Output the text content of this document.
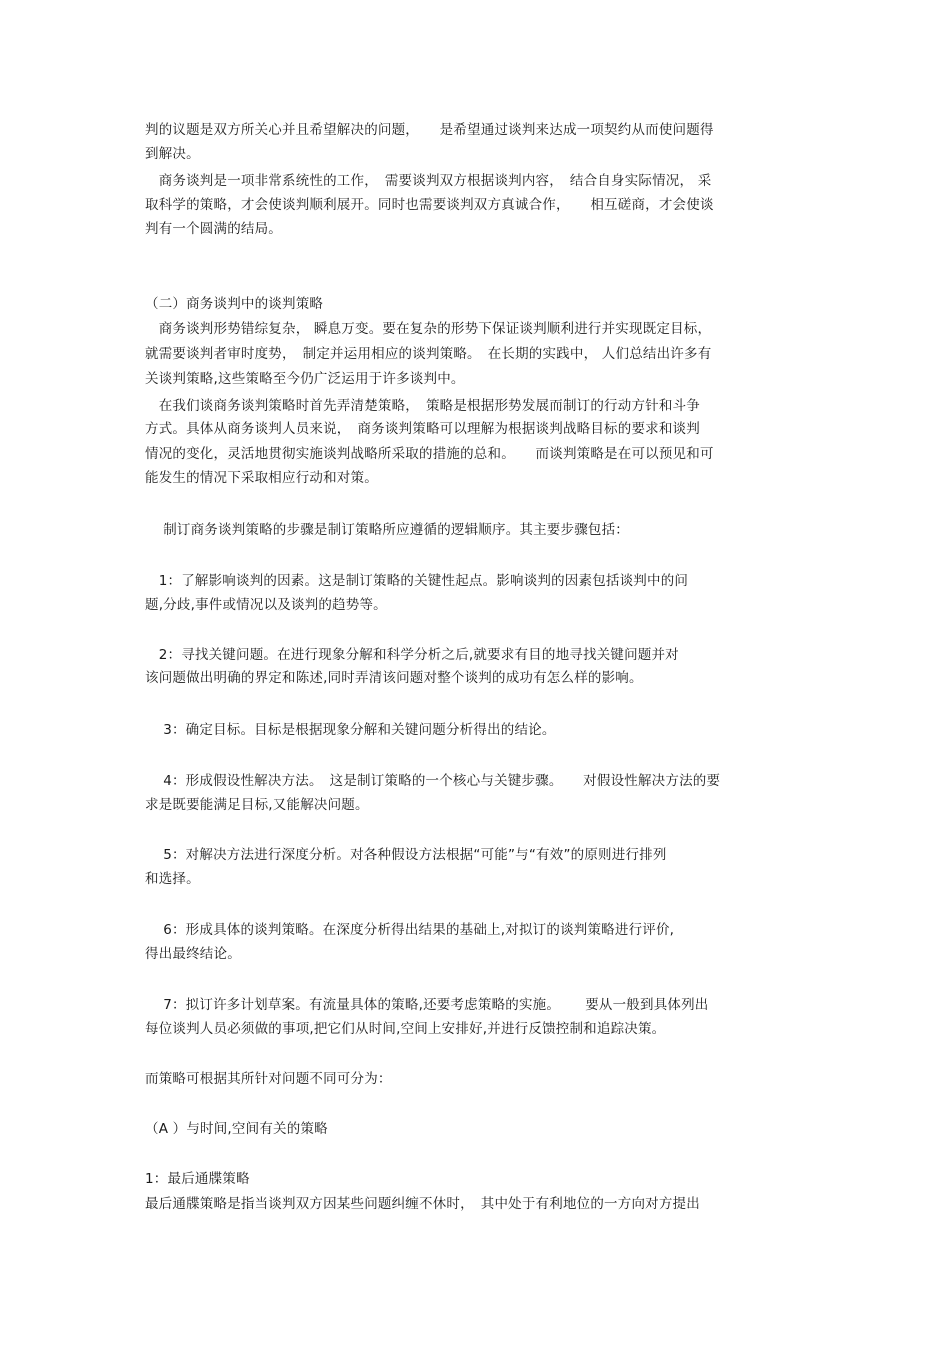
判的议题是双方所关心并且希望解决的问题，　　是希望通过谈判来达成一项契约从而使问题得
到解决。
　商务谈判是一项非常系统性的工作，　需要谈判双方根据谈判内容，　结合自身实际情况， 采
取科学的策略，才会使谈判顺利展开。同时也需要谈判双方真诚合作，　　相互磋商，才会使谈
判有一个圆满的结局。
（二）商务谈判中的谈判策略
　商务谈判形势错综复杂， 瞬息万变。要在复杂的形势下保证谈判顺利进行并实现既定目标，
就需要谈判者审时度势，　制定并运用相应的谈判策略。　在长期的实践中， 人们总结出许多有
关谈判策略,这些策略至今仍广泛运用于许多谈判中。
　在我们谈商务谈判策略时首先弄清楚策略，　策略是根据形势发展而制订的行动方针和斗争
方式。具体从商务谈判人员来说，　商务谈判策略可以理解为根据谈判战略目标的要求和谈判
情况的变化，灵活地贯彻实施谈判战略所采取的措施的总和。　　而谈判策略是在可以预见和可
能发生的情况下采取相应行动和对策。
　 制订商务谈判策略的步骤是制订策略所应遵循的逻辑顺序。其主要步骤包括：
　1：了解影响谈判的因素。这是制订策略的关键性起点。影响谈判的因素包括谈判中的问
题,分歧,事件或情况以及谈判的趋势等。
　2：寻找关键问题。在进行现象分解和科学分析之后,就要求有目的地寻找关键问题并对
该问题做出明确的界定和陈述,同时弄清该问题对整个谈判的成功有怎么样的影响。
　 3：确定目标。目标是根据现象分解和关键问题分析得出的结论。
　 4：形成假设性解决方法。　这是制订策略的一个核心与关键步骤。　　对假设性解决方法的要
求是既要能满足目标,又能解决问题。
　 5：对解决方法进行深度分析。对各种假设方法根据“可能”与“有效”的原则进行排列
和选择。
　 6：形成具体的谈判策略。在深度分析得出结果的基础上,对拟订的谈判策略进行评价,
得出最终结论。
　 7：拟订许多计划草案。有流量具体的策略,还要考虑策略的实施。　　 要从一般到具体列出
每位谈判人员必须做的事项,把它们从时间,空间上安排好,并进行反馈控制和追踪决策。
而策略可根据其所针对问题不同可分为：
（A ）与时间,空间有关的策略
1：最后通牒策略
最后通牒策略是指当谈判双方因某些问题纠缠不休时，　其中处于有利地位的一方向对方提出
